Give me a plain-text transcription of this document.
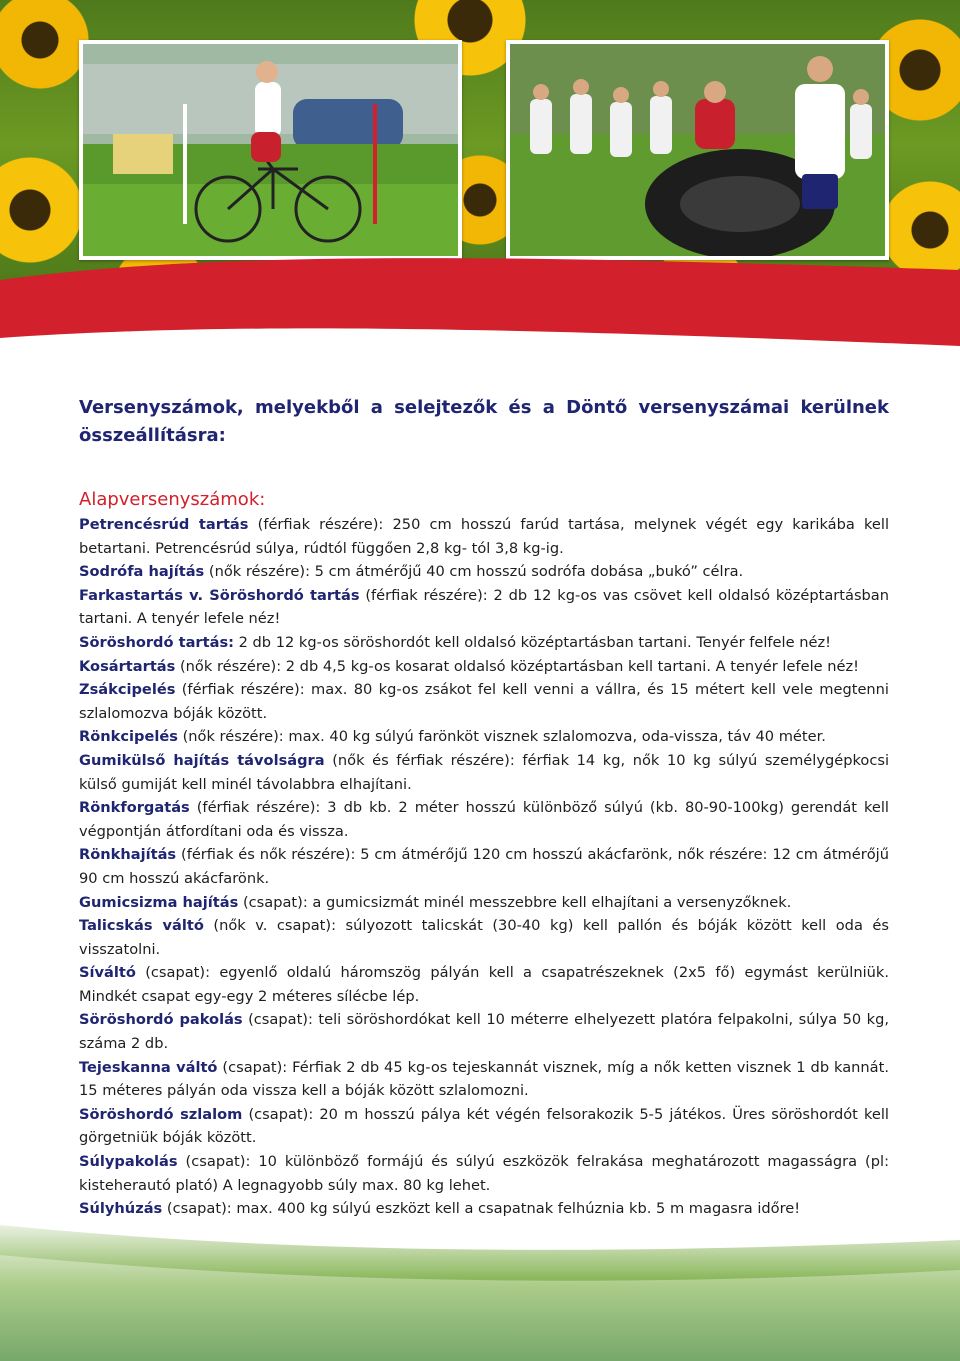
Versenyszámok, melyekből a selejtezők és a Döntő versenyszámai kerülnek összeállításra:
Alapversenyszámok:

Petrencésrúd tartás (férfiak részére): 250 cm hosszú farúd tartása, melynek végét egy karikába kell betartani. Petrencésrúd súlya, rúdtól függően 2,8 kg- tól 3,8 kg-ig.

Sodrófa hajítás (nők részére): 5 cm átmérőjű 40 cm hosszú sodrófa dobása „bukó” célra.

Farkastartás v. Söröshordó tartás (férfiak részére): 2 db 12 kg-os vas csövet kell oldalsó középtartásban tartani. A tenyér lefele néz!

Söröshordó tartás: 2 db 12 kg-os söröshordót kell oldalsó középtartásban tartani. Tenyér felfele néz!

Kosártartás (nők részére): 2 db 4,5 kg-os kosarat oldalsó középtartásban kell tartani. A tenyér lefele néz!

Zsákcipelés (férfiak részére): max. 80 kg-os zsákot fel kell venni a vállra, és 15 métert kell vele megtenni szlalomozva bóják között.

Rönkcipelés (nők részére): max. 40 kg súlyú farönköt visznek szlalomozva, oda-vissza, táv 40 méter.

Gumikülső hajítás távolságra (nők és férfiak részére): férfiak 14 kg, nők 10 kg súlyú személygépkocsi külső gumiját kell minél távolabbra elhajítani.

Rönkforgatás (férfiak részére): 3 db kb. 2 méter hosszú különböző súlyú (kb. 80-90-100kg) gerendát kell végpontján átfordítani oda és vissza.

Rönkhajítás (férfiak és nők részére): 5 cm átmérőjű 120 cm hosszú akácfarönk, nők részére: 12 cm átmérőjű 90 cm hosszú akácfarönk.

Gumicsizma hajítás (csapat): a gumicsizmát minél messzebbre kell elhajítani a versenyzőknek.

Talicskás váltó (nők v. csapat): súlyozott talicskát (30-40 kg) kell pallón és bóják között kell oda és visszatolni.

Síváltó (csapat): egyenlő oldalú háromszög pályán kell a csapatrészeknek (2x5 fő) egymást kerülniük. Mindkét csapat egy-egy 2 méteres sílécbe lép.

Söröshordó pakolás (csapat): teli söröshordókat kell 10 méterre elhelyezett platóra felpakolni, súlya 50 kg, száma 2 db.

Tejeskanna váltó (csapat): Férfiak 2 db 45 kg-os tejeskannát visznek, míg a nők ketten visznek 1 db kannát. 15 méteres pályán oda vissza kell a bóják között szlalomozni.

Söröshordó szlalom (csapat): 20 m hosszú pálya két végén felsorakozik 5-5 játékos. Üres söröshordót kell görgetniük bóják között.

Súlypakolás (csapat): 10 különböző formájú és súlyú eszközök felrakása meghatározott magasságra (pl: kisteherautó plató) A legnagyobb súly max. 80 kg lehet.

Súlyhúzás (csapat): max. 400 kg súlyú eszközt kell a csapatnak felhúznia kb. 5 m magasra időre!
